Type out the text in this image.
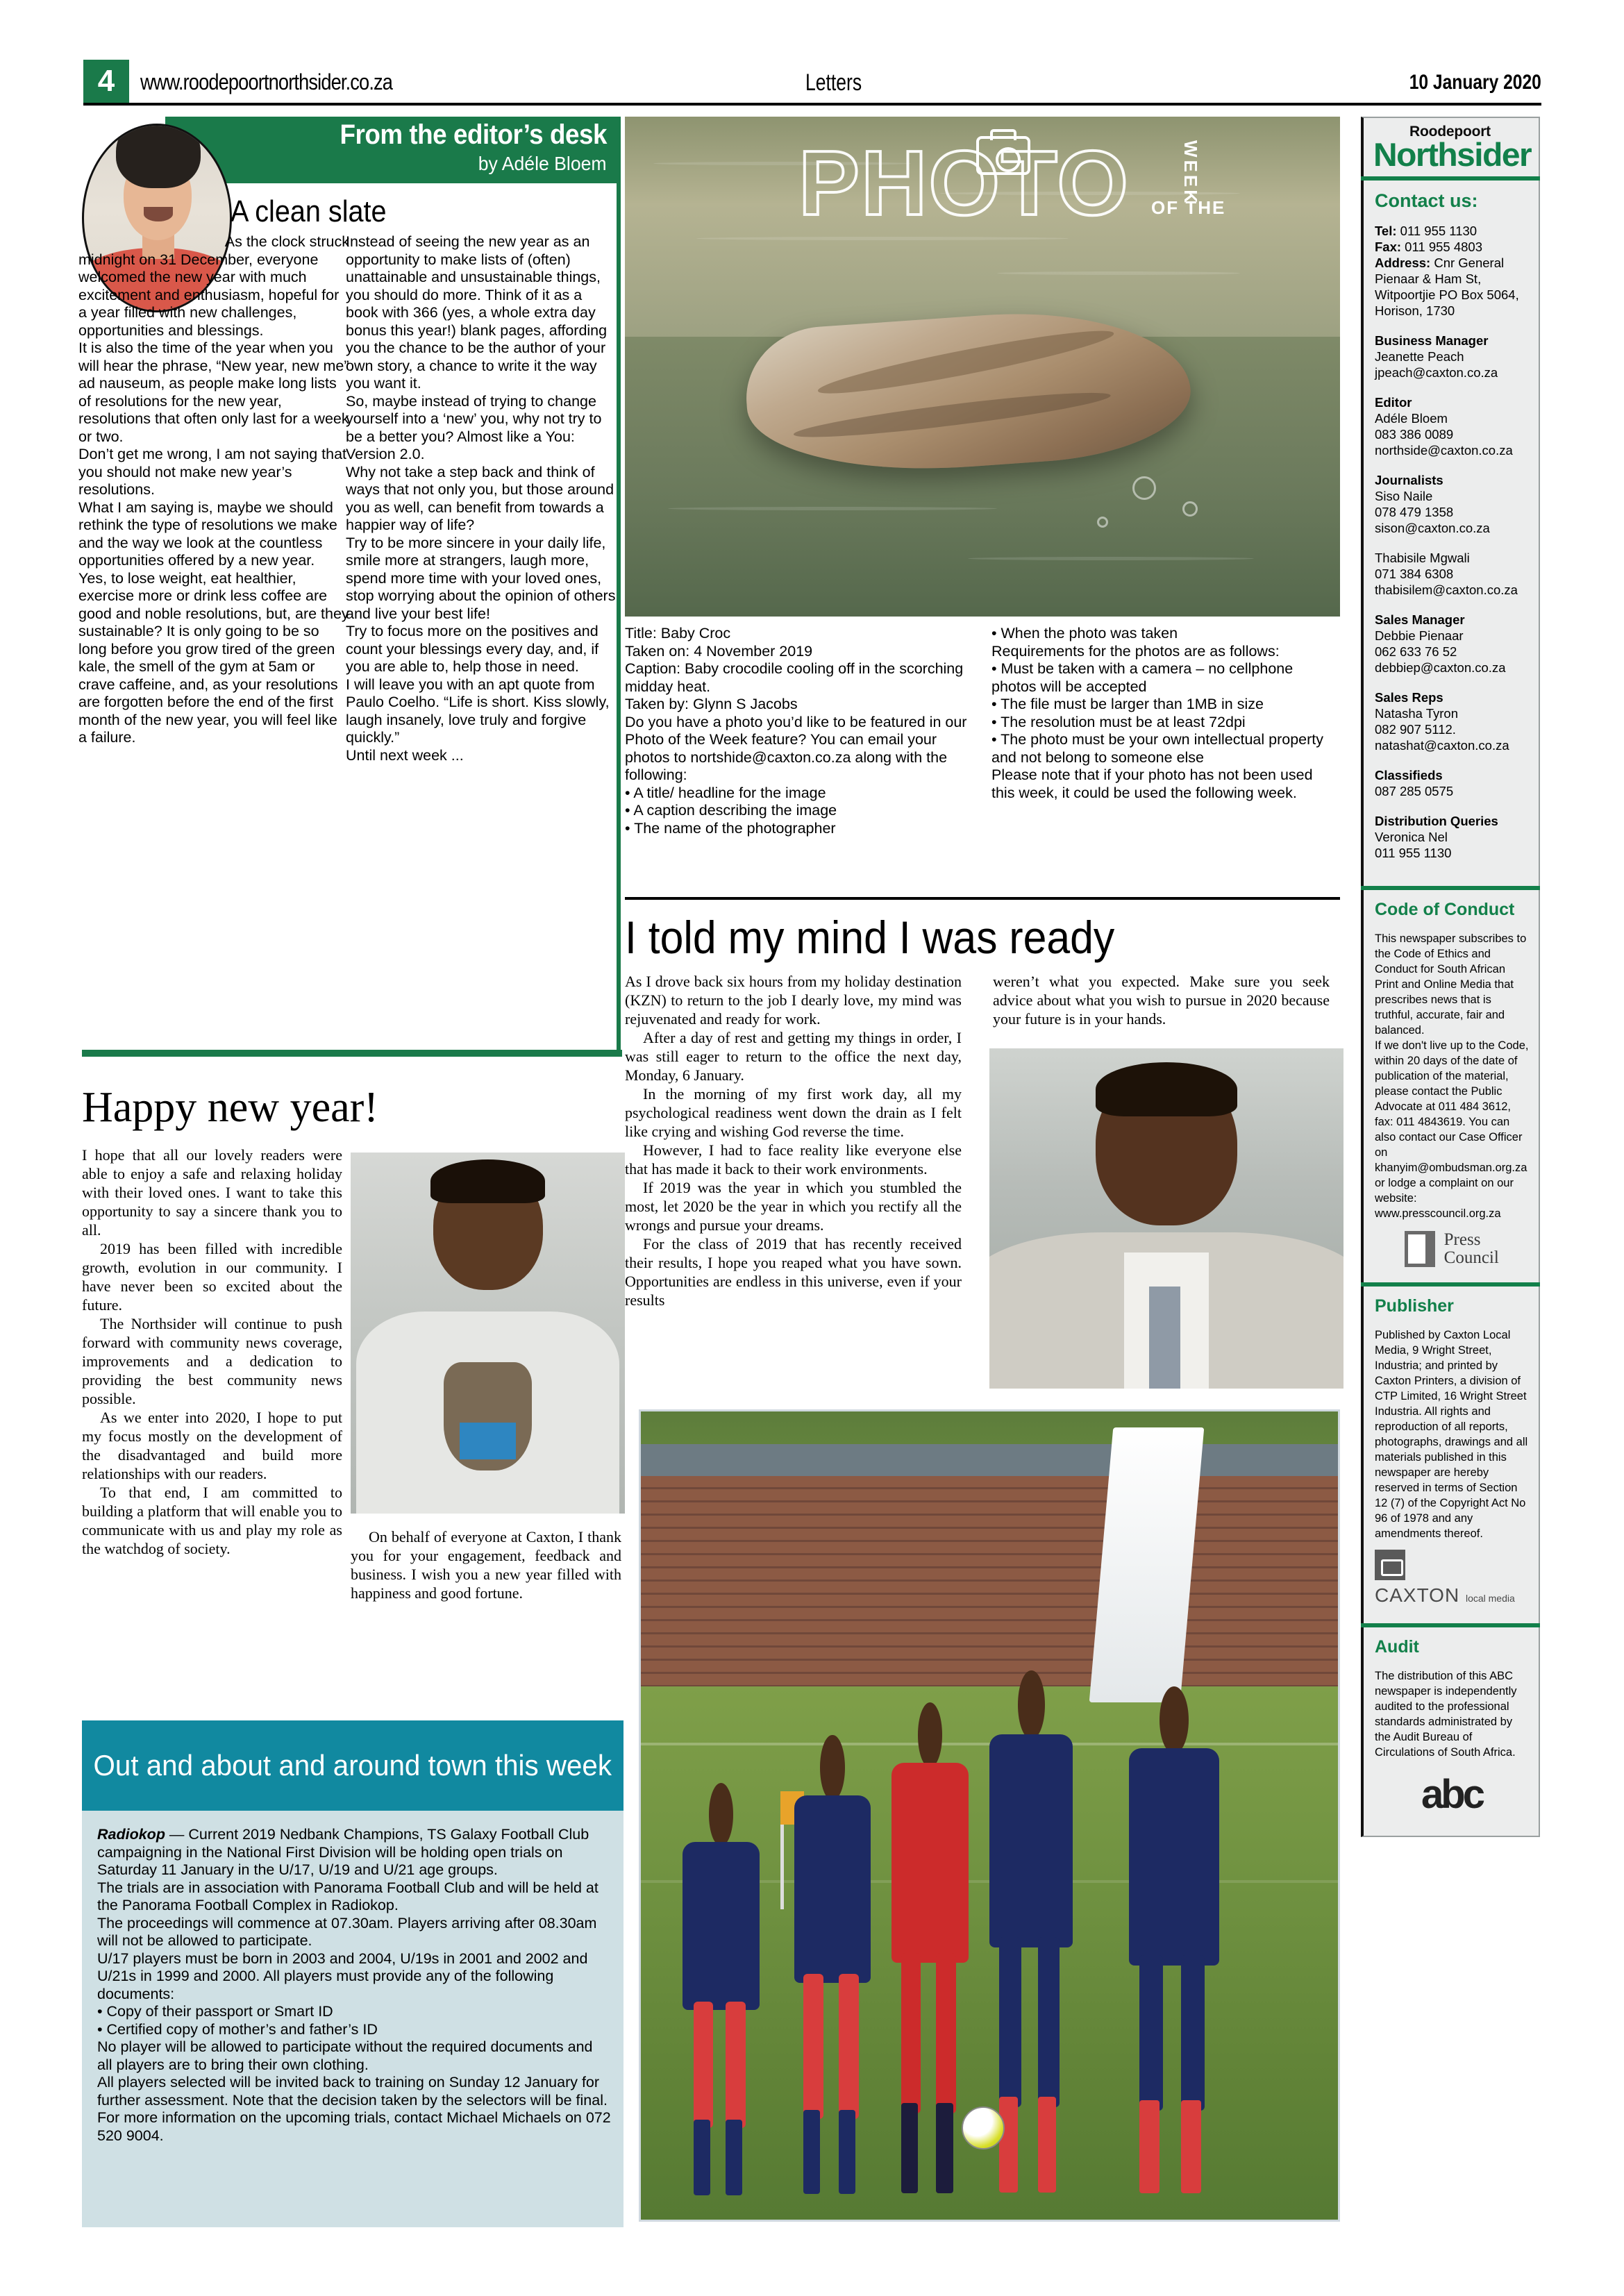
4	www.roodepoortnorthsider.co.za	Letters	10 January 2020
From the editor’s desk
by Adéle Bloem
A clean slate

As the clock struck
midnight on 31 December, everyone welcomed the new year with much excitement and enthusiasm, hopeful for a year filled with new challenges, opportunities and blessings.

It is also the time of the year when you will hear the phrase, “New year, new me” ad nauseum, as people make long lists of resolutions for the new year, resolutions that often only last for a week or two.

Don’t get me wrong, I am not saying that you should not make new year’s resolutions.

What I am saying is, maybe we should rethink the type of resolutions we make and the way we look at the countless opportunities offered by a new year.

Yes, to lose weight, eat healthier, exercise more or drink less coffee are good and noble resolutions, but, are they sustainable? It is only going to be so long before you grow tired of the green kale, the smell of the gym at 5am or crave caffeine, and, as your resolutions are forgotten before the end of the first month of the new year, you will feel like a failure.

Instead of seeing the new year as an opportunity to make lists of (often) unattainable and unsustainable things, you should do more. Think of it as a book with 366 (yes, a whole extra day bonus this year!) blank pages, affording you the chance to be the author of your own story, a chance to write it the way you want it.

So, maybe instead of trying to change yourself into a ‘new’ you, why not try to be a better you? Almost like a You: Version 2.0.

Why not take a step back and think of ways that not only you, but those around you as well, can benefit from towards a happier way of life?

Try to be more sincere in your daily life, smile more at strangers, laugh more, spend more time with your loved ones, stop worrying about the opinion of others and live your best life!

Try to focus more on the positives and count your blessings every day, and, if you are able to, help those in need.

I will leave you with an apt quote from Paulo Coelho. “Life is short. Kiss slowly, laugh insanely, love truly and forgive quickly.”

Until next week ...

OF THE
WEEK

Title: Baby Croc

Taken on: 4 November 2019

Caption: Baby crocodile cooling off in the scorching midday heat.

Taken by: Glynn S Jacobs

Do you have a photo you’d like to be featured in our Photo of the Week feature? You can email your photos to nortshide@caxton.co.za along with the following:

• A title/ headline for the image

• A caption describing the image

• The name of the photographer

• When the photo was taken

Requirements for the photos are as follows:

• Must be taken with a camera – no cellphone photos will be accepted

• The file must be larger than 1MB in size

• The resolution must be at least 72dpi

• The photo must be your own intellectual property and not belong to someone else

Please note that if your photo has not been used this week, it could be used the following week.

I told my mind I was ready

As I drove back six hours from my holiday destination (KZN) to return to the job I dearly love, my mind was rejuvenated and ready for work.

After a day of rest and getting my things in order, I was still eager to return to the office the next day, Monday, 6 January.

In the morning of my first work day, all my psychological readiness went down the drain as I felt like crying and wishing God reverse the time.

However, I had to face reality like everyone else that has made it back to their work environments.

If 2019 was the year in which you stumbled the most, let 2020 be the year in which you rectify all the wrongs and pursue your dreams.

For the class of 2019 that has recently received their results, I hope you reaped what you have sown. Opportunities are endless in this universe, even if your results

weren’t what you expected. Make sure you seek advice about what you wish to pursue in 2020 because your future is in your hands.

Happy new year!

I hope that all our lovely readers were able to enjoy a safe and relaxing holiday with their loved ones. I want to take this opportunity to say a sincere thank you to all.

2019 has been filled with incredible growth, evolution in our community. I have never been so excited about the future.

The Northsider will continue to push forward with community news coverage, improvements and a dedication to providing the best community news possible.

As we enter into 2020, I hope to put my focus mostly on the development of the disadvantaged and build more relationships with our readers.

To that end, I am committed to building a platform that will enable you to communicate with us and play my role as the watchdog of society.

On behalf of everyone at Caxton, I thank you for your engagement, feedback and business. I wish you a new year filled with happiness and good fortune.

Out and about and around town this week

Radiokop — Current 2019 Nedbank Champions, TS Galaxy Football Club campaigning in the National First Division will be holding open trials on Saturday 11 January in the U/17, U/19 and U/21 age groups.

The trials are in association with Panorama Football Club and will be held at the Panorama Football Complex in Radiokop.

The proceedings will commence at 07.30am. Players arriving after 08.30am will not be allowed to participate.

U/17 players must be born in 2003 and 2004, U/19s in 2001 and 2002 and U/21s in 1999 and 2000. All players must provide any of the following documents:

• Copy of their passport or Smart ID

• Certified copy of mother’s and father’s ID

No player will be allowed to participate without the required documents and all players are to bring their own clothing.

All players selected will be invited back to training on Sunday 12 January for further assessment. Note that the decision taken by the selectors will be final.

For more information on the upcoming trials, contact Michael Michaels on 072 520 9004.

Roodepoort
Northsider
Contact us:
Tel: 011 955 1130
Fax: 011 955 4803
Address: Cnr General Pienaar & Ham St, Witpoortjie PO Box 5064, Horison, 1730
Business Manager
Jeanette Peach
jpeach@caxton.co.za
Editor
Adéle Bloem
083 386 0089
northside@caxton.co.za
Journalists
Siso Naile
078 479 1358
sison@caxton.co.za
Thabisile Mgwali
071 384 6308
thabisilem@caxton.co.za
Sales Manager
Debbie Pienaar
062 633 76 52
debbiep@caxton.co.za
Sales Reps
Natasha Tyron
082 907 5112.
natashat@caxton.co.za
Classifieds
087 285 0575
Distribution Queries
Veronica Nel
011 955 1130
Code of Conduct

This newspaper subscribes to the Code of Ethics and Conduct for South African Print and Online Media that prescribes news that is truthful, accurate, fair and balanced.

If we don't live up to the Code, within 20 days of the date of publication of the material, please contact the Public Advocate at 011 484 3612, fax: 011 4843619. You can also contact our Case Officer on khanyim@ombudsman.org.za or lodge a complaint on our website: www.presscouncil.org.za

Press
Council
Publisher

Published by Caxton Local Media, 9 Wright Street, Industria; and printed by Caxton Printers, a division of CTP Limited, 16 Wright Street Industria. All rights and reproduction of all reports, photographs, drawings and all materials published in this newspaper are hereby reserved in terms of Section 12 (7) of the Copyright Act No 96 of 1978 and any amendments thereof.

CAXTON local media
Audit

The distribution of this ABC newspaper is independently audited to the professional standards administrated by the Audit Bureau of Circulations of South Africa.

abc
